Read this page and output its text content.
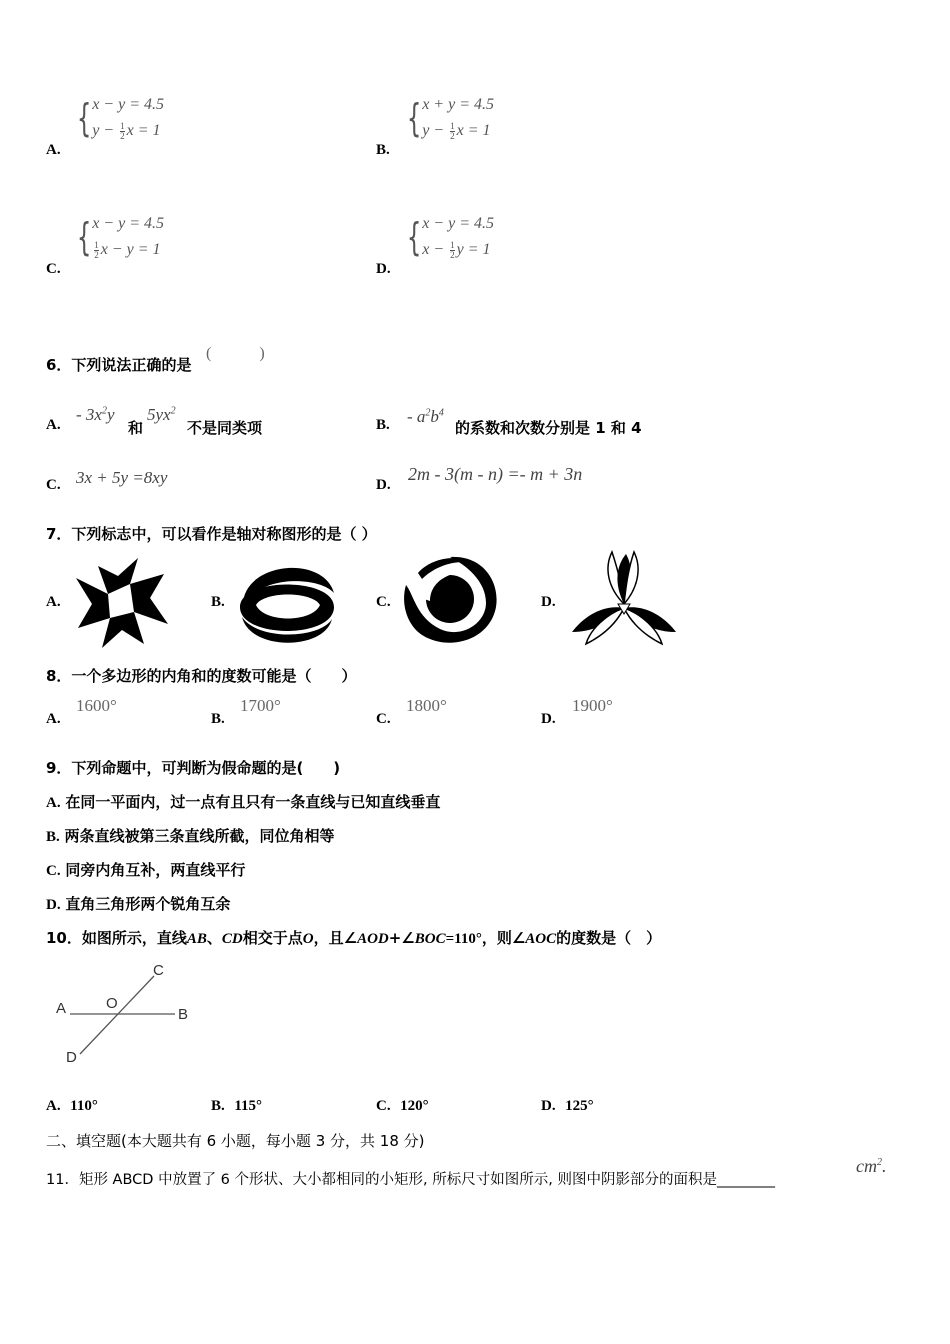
A.
{ x − y = 4.5
$y - \frac{1}{2}$ x = 1
B.
{ x + y = 4.5
$y - \frac{1}{2}$ x = 1
C.
{ x − y = 4.5
$\frac{1}{2}$ x − y = 1
D.
{ x − y = 4.5
$x - \frac{1}{2}$ y = 1
6．下列说法正确的是
(　　　)
A.
- $3x^2y$
和
$5yx^2$
不是同类项	B. - $a^2b^4$
的系数和次数分别是 1 和 4
C. 3x + 5y =8xy	D.
2m - 3(m - n) =- m + 3n
7．下列标志中，可以看作是轴对称图形的是（ ）
A.	B.	C.	D.
8．一个多边形的内角和的度数可能是（　　）
A.
1600°
B.
1700°
C.
1800°
D.
1900°
9．下列命题中，可判断为假命题的是(　　)
A. 在同一平面内，过一点有且只有一条直线与已知直线垂直
B. 两条直线被第三条直线所截，同位角相等
C. 同旁内角互补，两直线平行
D. 直角三角形两个锐角互余
10．如图所示，直线AB、CD相交于点O，且∠AOD+∠BOC=110°，则∠AOC的度数是（　）
A	B
C
D
O
A. 110°	B. 115°	C. 120°	D. 125°
二、填空题(本大题共有 6 小题，每小题 3 分，共 18 分)
11．矩形 ABCD 中放置了 6 个形状、大小都相同的小矩形, 所标尺寸如图所示, 则图中阴影部分的面积是________
$cm^2$.
